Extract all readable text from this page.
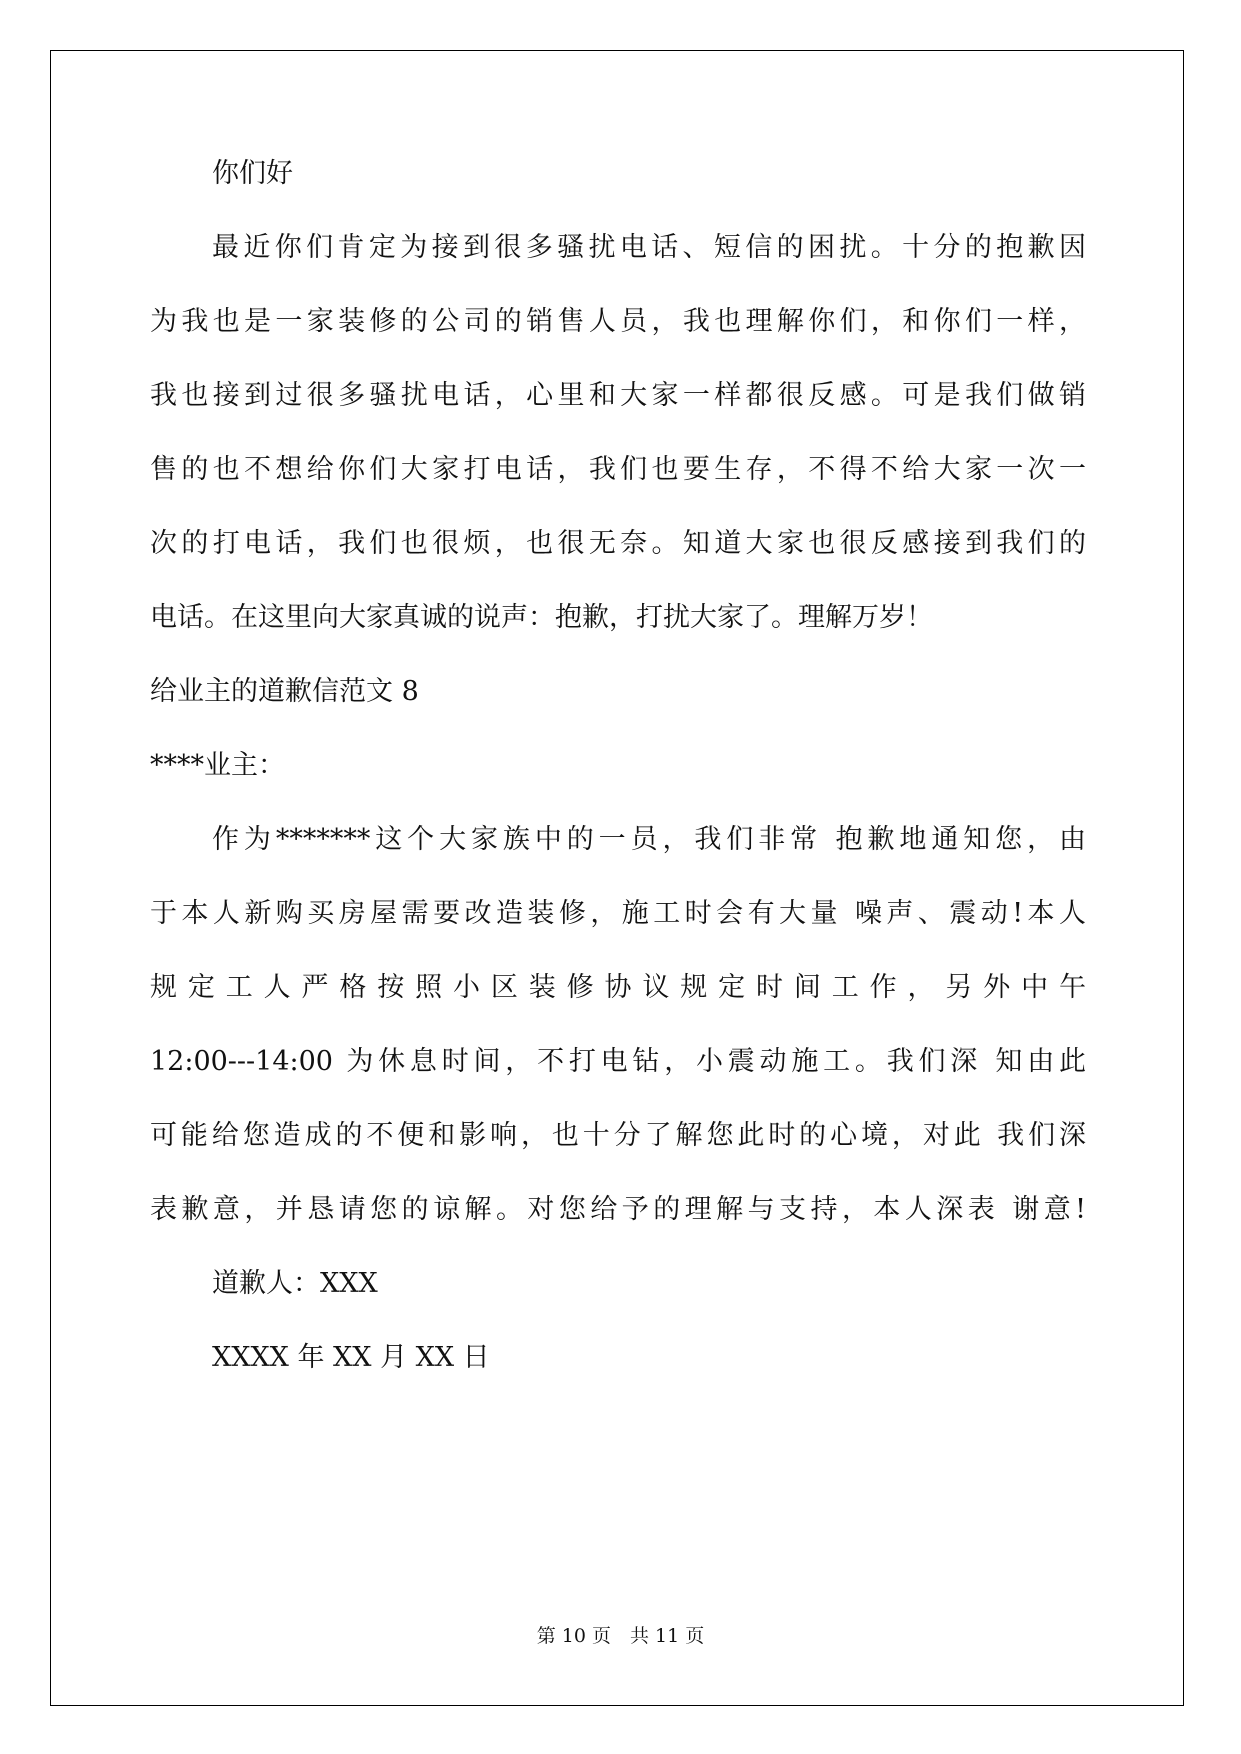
你们好
最近你们肯定为接到很多骚扰电话、短信的困扰。十分的抱歉因
为我也是一家装修的公司的销售人员，我也理解你们，和你们一样，
我也接到过很多骚扰电话，心里和大家一样都很反感。可是我们做销
售的也不想给你们大家打电话，我们也要生存，不得不给大家一次一
次的打电话，我们也很烦，也很无奈。知道大家也很反感接到我们的
电话。在这里向大家真诚的说声：抱歉，打扰大家了。理解万岁！
给业主的道歉信范文 8
****业主：
作为*******这个大家族中的一员，我们非常 抱歉地通知您，由
于本人新购买房屋需要改造装修，施工时会有大量 噪声、震动!本人
规 定 工 人 严 格 按 照 小 区 装 修 协 议 规 定 时 间 工 作 ， 另 外 中 午
12:00---14:00 为休息时间，不打电钻，小震动施工。我们深 知由此
可能给您造成的不便和影响，也十分了解您此时的心境，对此 我们深
表歉意，并恳请您的谅解。对您给予的理解与支持，本人深表 谢意!
道歉人：XXX
XXXX 年 XX 月 XX 日
第 10 页　共 11 页
